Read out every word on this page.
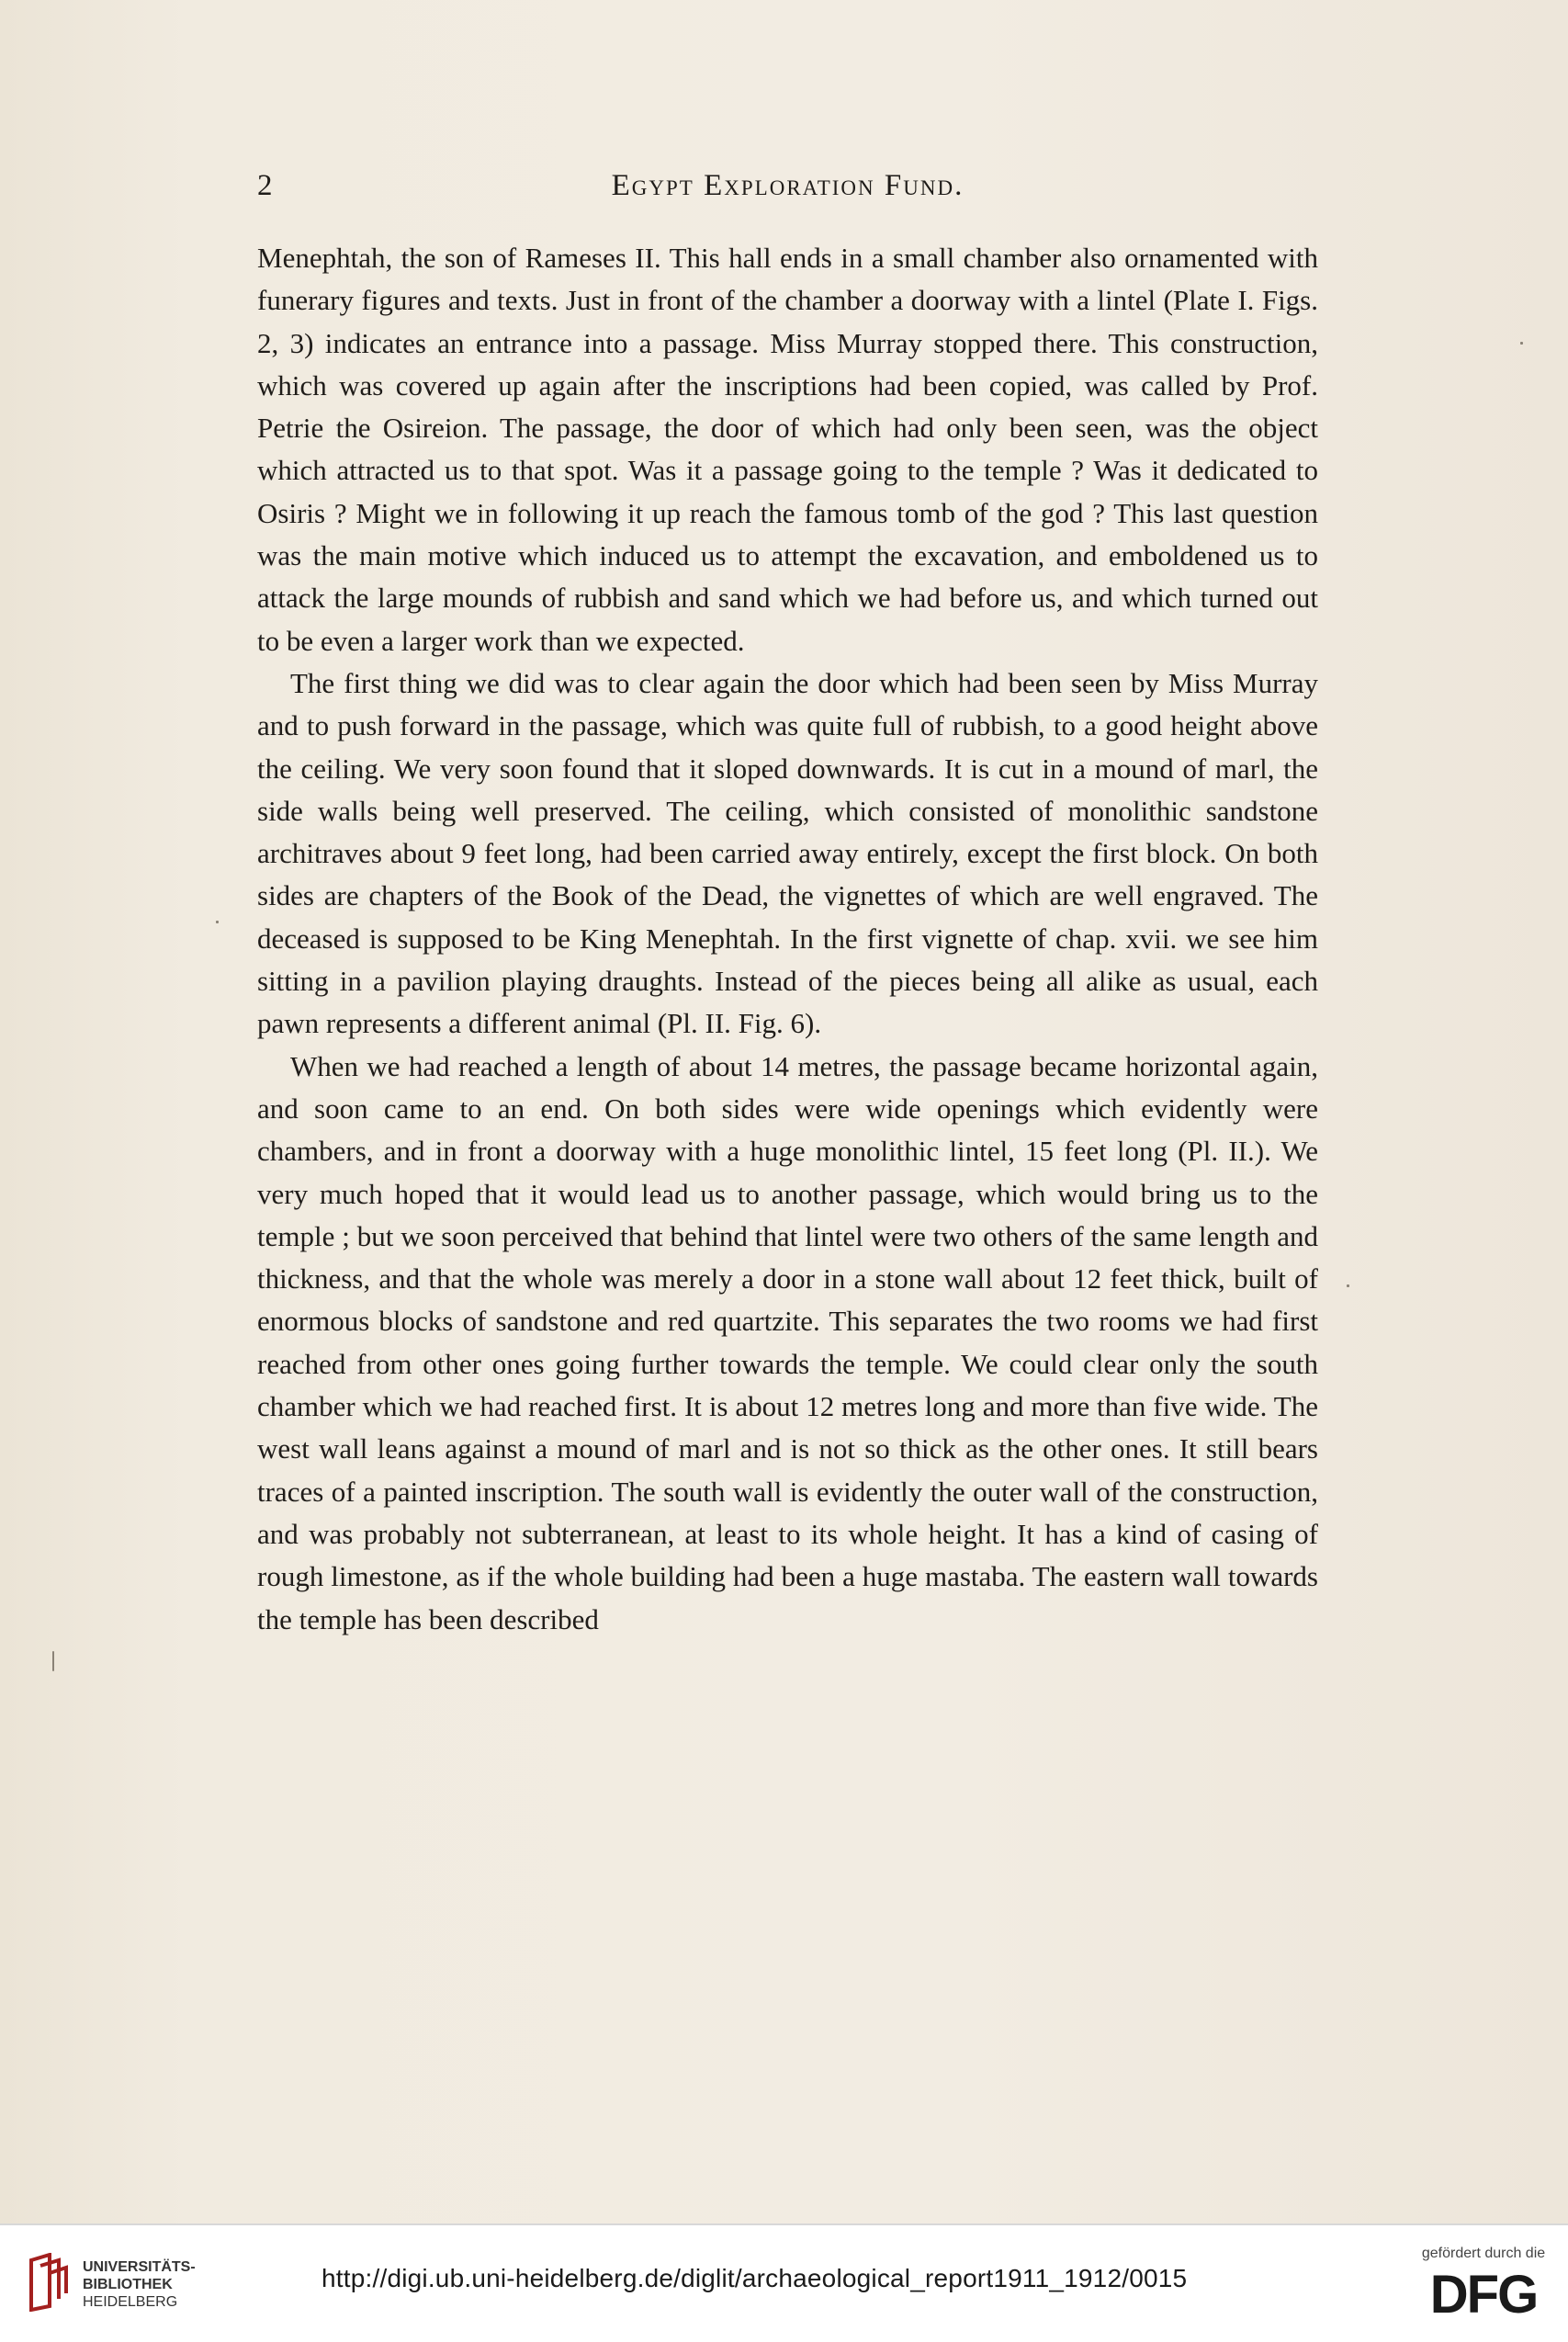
2	Egypt Exploration Fund.

Menephtah, the son of Rameses II. This hall ends in a small chamber also ornamented with funerary figures and texts. Just in front of the chamber a doorway with a lintel (Plate I. Figs. 2, 3) indicates an entrance into a passage. Miss Murray stopped there. This construction, which was covered up again after the inscriptions had been copied, was called by Prof. Petrie the Osireion. The passage, the door of which had only been seen, was the object which attracted us to that spot. Was it a passage going to the temple ? Was it dedicated to Osiris ? Might we in following it up reach the famous tomb of the god ? This last question was the main motive which induced us to attempt the excavation, and emboldened us to attack the large mounds of rubbish and sand which we had before us, and which turned out to be even a larger work than we expected.

The first thing we did was to clear again the door which had been seen by Miss Murray and to push forward in the passage, which was quite full of rubbish, to a good height above the ceiling. We very soon found that it sloped downwards. It is cut in a mound of marl, the side walls being well preserved. The ceiling, which consisted of monolithic sandstone architraves about 9 feet long, had been carried away entirely, except the first block. On both sides are chapters of the Book of the Dead, the vignettes of which are well engraved. The deceased is supposed to be King Menephtah. In the first vignette of chap. xvii. we see him sitting in a pavilion playing draughts. Instead of the pieces being all alike as usual, each pawn represents a different animal (Pl. II. Fig. 6).

When we had reached a length of about 14 metres, the passage became horizontal again, and soon came to an end. On both sides were wide openings which evidently were chambers, and in front a doorway with a huge monolithic lintel, 15 feet long (Pl. II.). We very much hoped that it would lead us to another passage, which would bring us to the temple ; but we soon perceived that behind that lintel were two others of the same length and thickness, and that the whole was merely a door in a stone wall about 12 feet thick, built of enormous blocks of sandstone and red quartzite. This separates the two rooms we had first reached from other ones going further towards the temple. We could clear only the south chamber which we had reached first. It is about 12 metres long and more than five wide. The west wall leans against a mound of marl and is not so thick as the other ones. It still bears traces of a painted inscription. The south wall is evidently the outer wall of the construction, and was probably not subterranean, at least to its whole height. It has a kind of casing of rough limestone, as if the whole building had been a huge mastaba. The eastern wall towards the temple has been described

UNIVERSITÄTS-
BIBLIOTHEK
HEIDELBERG
http://digi.ub.uni-heidelberg.de/diglit/archaeological_report1911_1912/0015
gefördert durch die
DFG
